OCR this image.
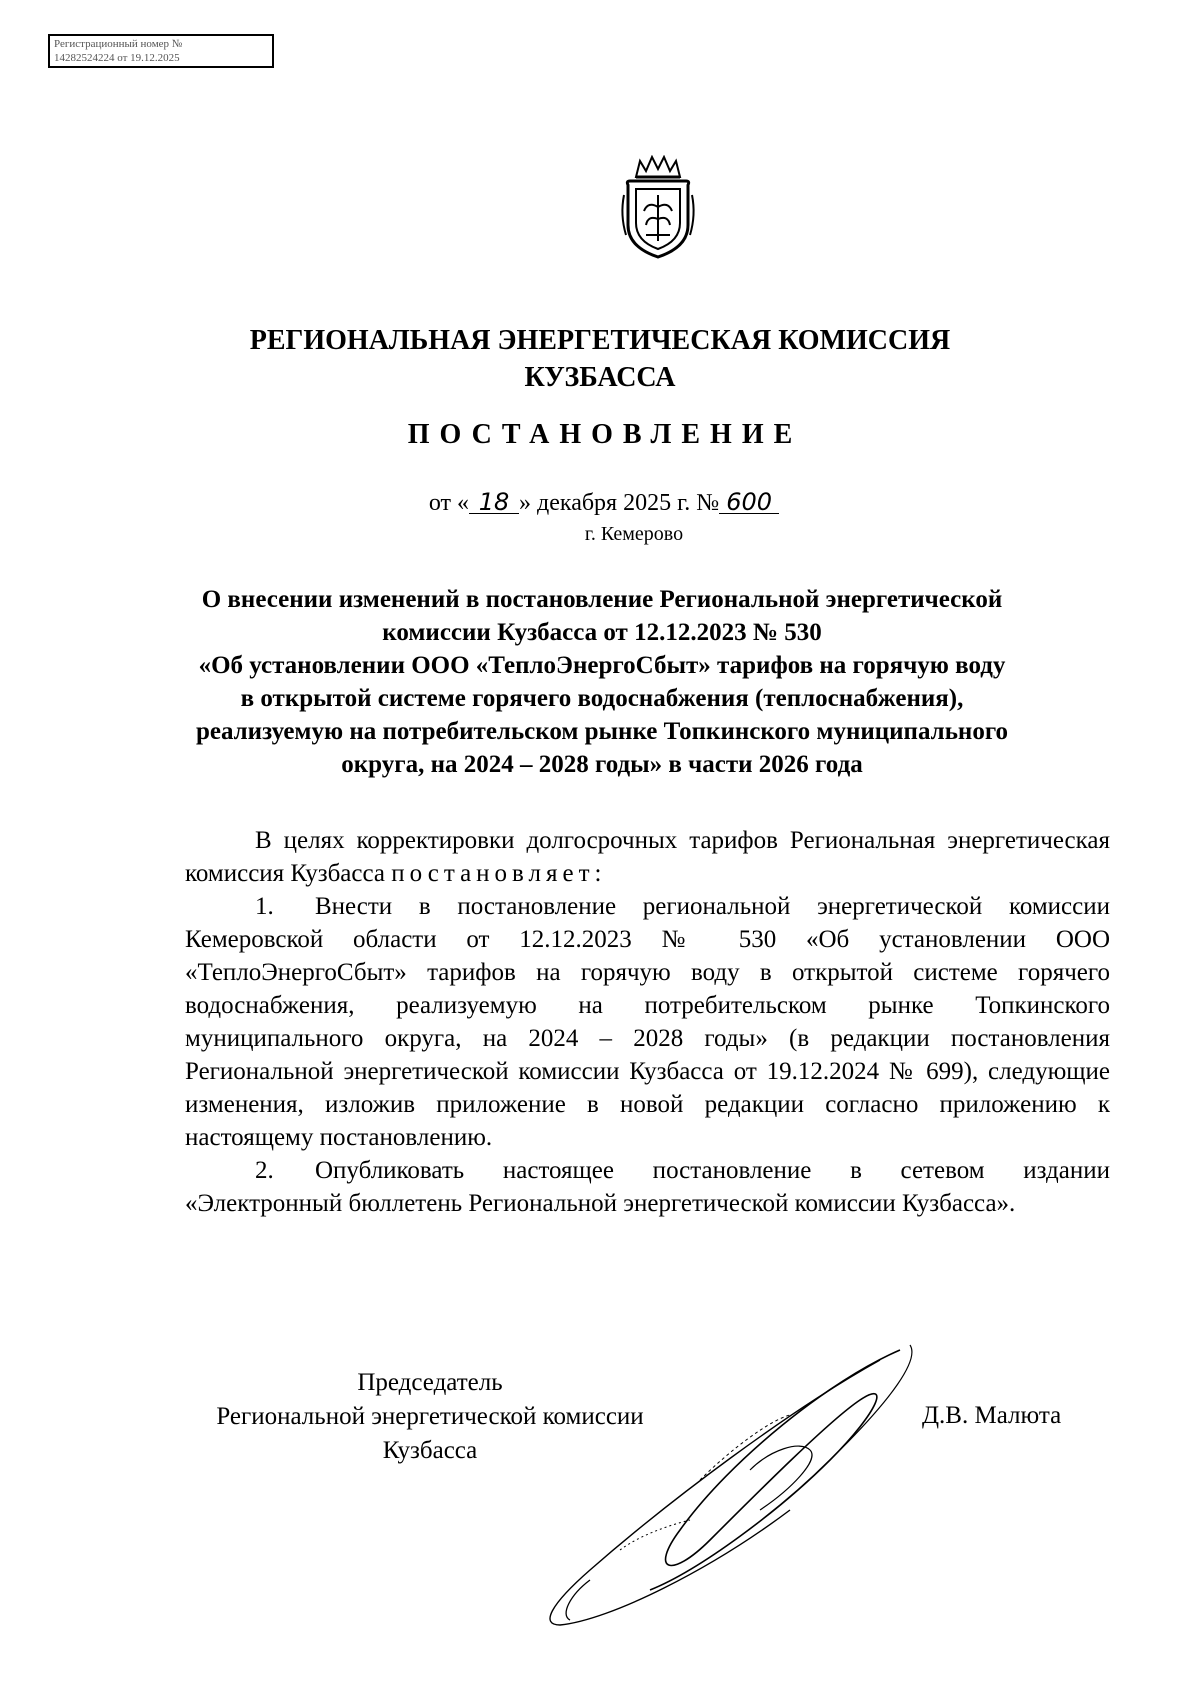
Регистрационный номер №
14282524224 от 19.12.2025
РЕГИОНАЛЬНАЯ ЭНЕРГЕТИЧЕСКАЯ КОМИССИЯ
КУЗБАССА
ПОСТАНОВЛЕНИЕ
от « 18 » декабря 2025 г. № 600
г. Кемерово
О внесении изменений в постановление Региональной энергетической
комиссии Кузбасса от 12.12.2023 № 530
«Об установлении ООО «ТеплоЭнергоСбыт» тарифов на горячую воду
в открытой системе горячего водоснабжения (теплоснабжения),
реализуемую на потребительском рынке Топкинского муниципального
округа, на 2024 – 2028 годы» в части 2026 года

В целях корректировки долгосрочных тарифов Региональная энергетическая комиссия Кузбасса постановляет:

1. Внести в постановление региональной энергетической комиссии Кемеровской области от 12.12.2023 № 530 «Об установлении ООО «ТеплоЭнергоСбыт» тарифов на горячую воду в открытой системе горячего водоснабжения, реализуемую на потребительском рынке Топкинского муниципального округа, на 2024 – 2028 годы» (в редакции постановления Региональной энергетической комиссии Кузбасса от 19.12.2024 № 699), следующие изменения, изложив приложение в новой редакции согласно приложению к настоящему постановлению.

2. Опубликовать настоящее постановление в сетевом издании «Электронный бюллетень Региональной энергетической комиссии Кузбасса».

Председатель
Региональной энергетической комиссии
Кузбасса
Д.В. Малюта
